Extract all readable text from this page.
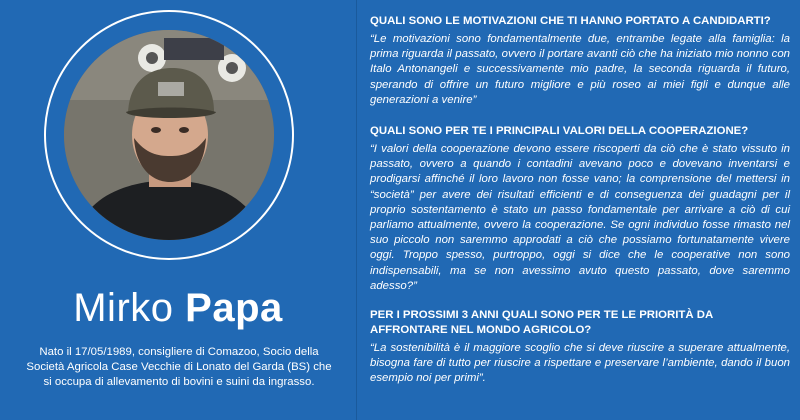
Mirko Papa
Nato il 17/05/1989, consigliere di Comazoo, Socio della Società Agricola Case Vecchie di Lonato del Garda (BS) che si occupa di allevamento di bovini e suini da ingrasso.

QUALI SONO LE MOTIVAZIONI CHE TI HANNO PORTATO A CANDIDARTI?

“Le motivazioni sono fondamentalmente due, entrambe legate alla famiglia: la prima riguarda il passato, ovvero il portare avanti ciò che ha iniziato mio nonno con Italo Antonangeli e successivamente mio padre, la seconda riguarda il futuro, sperando di offrire un futuro migliore e più roseo ai miei figli e dunque alle generazioni a venire”

QUALI SONO PER TE I PRINCIPALI VALORI DELLA COOPERAZIONE?

“I valori della cooperazione devono essere riscoperti da ciò che è stato vissuto in passato, ovvero a quando i contadini avevano poco e dovevano inventarsi e prodigarsi affinché il loro lavoro non fosse vano; la comprensione del mettersi in “società” per avere dei risultati efficienti e di conseguenza dei guadagni per il proprio sostentamento è stato un passo fondamentale per arrivare a ciò di cui parliamo attualmente, ovvero la cooperazione. Se ogni individuo fosse rimasto nel suo piccolo non saremmo approdati a ciò che possiamo fortunatamente vivere oggi. Troppo spesso, purtroppo, oggi si dice che le cooperative non sono indispensabili, ma se non avessimo avuto questo passato, dove saremmo adesso?”

PER I PROSSIMI 3 ANNI QUALI SONO PER TE LE PRIORITÀ DA AFFRONTARE NEL MONDO AGRICOLO?

“La sostenibilità è il maggiore scoglio che si deve riuscire a superare attualmente, bisogna fare di tutto per riuscire a rispettare e preservare l’ambiente, dando il buon esempio noi per primi”.
